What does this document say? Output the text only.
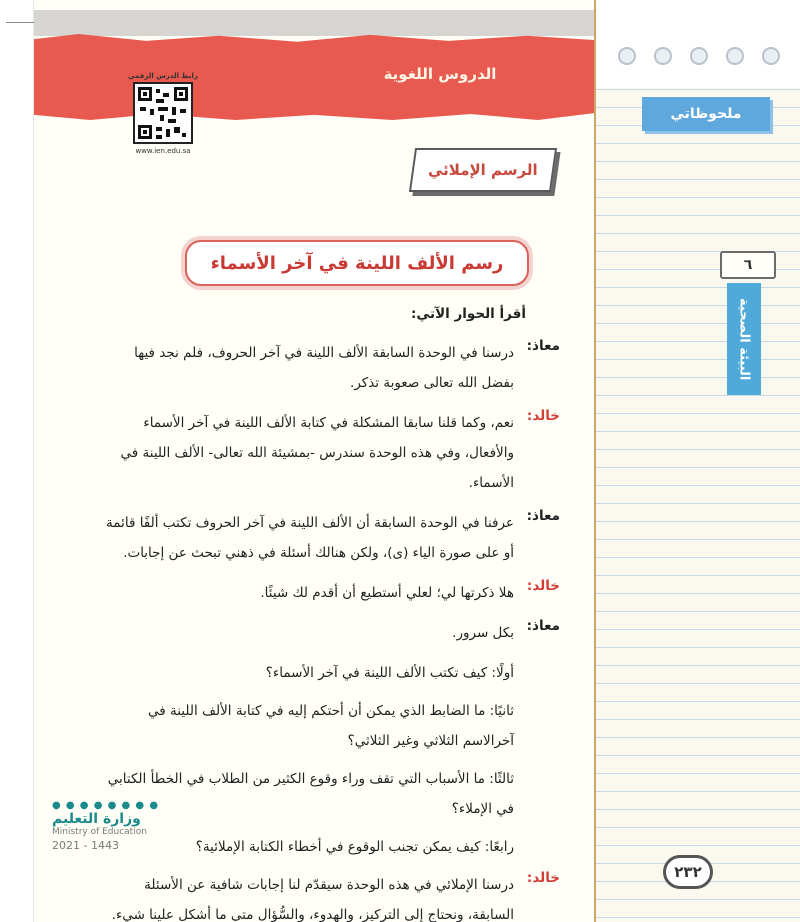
ملحوظاتي
٦
البيئة الصحية
٢٣٢
الدروس اللغوية
رابط الدرس الرقمي
www.ien.edu.sa
الرسم الإملائي
رسم الألف اللينة في آخر الأسماء
أقرأ الحوار الآتي:
معاذ:
درسنا في الوحدة السابقة الألف اللينة في آخر الحروف، فلم نجد فيها بفضل الله تعالى صعوبة تذكر.
خالد:
نعم، وكما قلنا سابقا المشكلة في كتابة الألف اللينة في آخر الأسماء والأفعال، وفي هذه الوحدة سندرس -بمشيئة الله تعالى- الألف اللينة في الأسماء.
معاذ:
عرفنا في الوحدة السابقة أن الألف اللينة في آخر الحروف تكتب ألفًا قائمة أو على صورة الياء (ى)، ولكن هنالك أسئلة في ذهني تبحث عن إجابات.
خالد:
هلا ذكرتها لي؛ لعلي أستطيع أن أقدم لك شيئًا.
معاذ:
بكل سرور.
أولًا: كيف تكتب الألف اللينة في آخر الأسماء؟
ثانيًا: ما الضابط الذي يمكن أن أحتكم إليه في كتابة الألف اللينة في آخرالاسم الثلاثي وغير الثلاثي؟
ثالثًا: ما الأسباب التي تقف وراء وقوع الكثير من الطلاب في الخطأ الكتابي في الإملاء؟
رابعًا: كيف يمكن تجنب الوقوع في أخطاء الكتابة الإملائية؟
خالد:
درسنا الإملائي في هذه الوحدة سيقدّم لنا إجابات شافية عن الأسئلة السابقة، ونحتاج إلى التركيز، والهدوء، والسُّؤال متى ما أشكل علينا شيء.
● ● ● ● ● ● ● ●
وزارة التعليم
Ministry of Education
2021 - 1443
